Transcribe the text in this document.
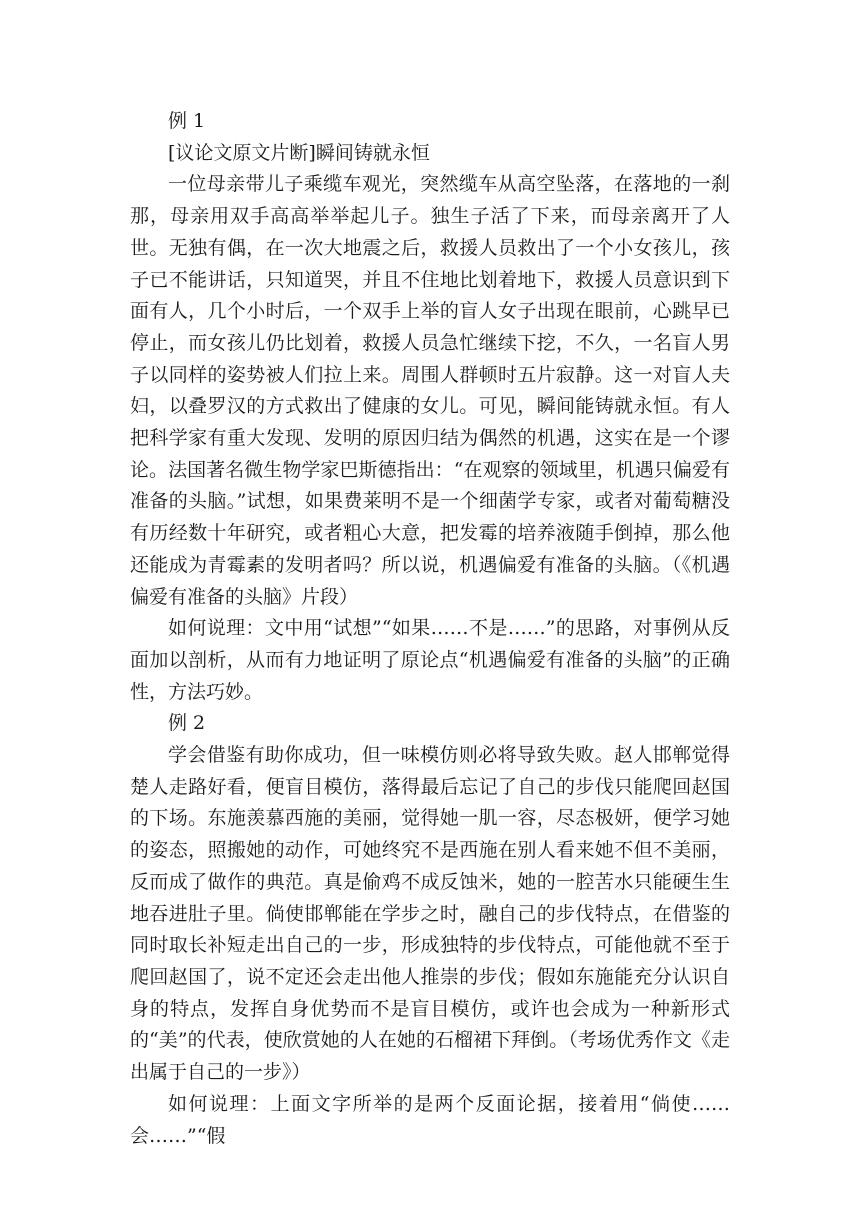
例 1

[议论文原文片断]瞬间铸就永恒

一位母亲带儿子乘缆车观光，突然缆车从高空坠落，在落地的一刹那，母亲用双手高高举举起儿子。独生子活了下来，而母亲离开了人世。无独有偶，在一次大地震之后，救援人员救出了一个小女孩儿，孩子已不能讲话，只知道哭，并且不住地比划着地下，救援人员意识到下面有人，几个小时后，一个双手上举的盲人女子出现在眼前，心跳早已停止，而女孩儿仍比划着，救援人员急忙继续下挖，不久，一名盲人男子以同样的姿势被人们拉上来。周围人群顿时五片寂静。这一对盲人夫妇，以叠罗汉的方式救出了健康的女儿。可见，瞬间能铸就永恒。有人把科学家有重大发现、发明的原因归结为偶然的机遇，这实在是一个谬论。法国著名微生物学家巴斯德指出：“在观察的领域里，机遇只偏爱有准备的头脑。”试想，如果费莱明不是一个细菌学专家，或者对葡萄糖没有历经数十年研究，或者粗心大意，把发霉的培养液随手倒掉，那么他还能成为青霉素的发明者吗？所以说，机遇偏爱有准备的头脑。（《机遇偏爱有准备的头脑》片段）

如何说理：文中用“试想”“如果……不是……”的思路，对事例从反面加以剖析，从而有力地证明了原论点“机遇偏爱有准备的头脑”的正确性，方法巧妙。

例 2

学会借鉴有助你成功，但一味模仿则必将导致失败。赵人邯郸觉得楚人走路好看，便盲目模仿，落得最后忘记了自己的步伐只能爬回赵国的下场。东施羡慕西施的美丽，觉得她一肌一容，尽态极妍，便学习她的姿态，照搬她的动作，可她终究不是西施在别人看来她不但不美丽，反而成了做作的典范。真是偷鸡不成反蚀米，她的一腔苦水只能硬生生地吞进肚子里。倘使邯郸能在学步之时，融自己的步伐特点，在借鉴的同时取长补短走出自己的一步，形成独特的步伐特点，可能他就不至于爬回赵国了，说不定还会走出他人推崇的步伐；假如东施能充分认识自身的特点，发挥自身优势而不是盲目模仿，或许也会成为一种新形式的“美”的代表，使欣赏她的人在她的石榴裙下拜倒。（考场优秀作文《走出属于自己的一步》）

如何说理：上面文字所举的是两个反面论据，接着用“倘使……会……”“假
